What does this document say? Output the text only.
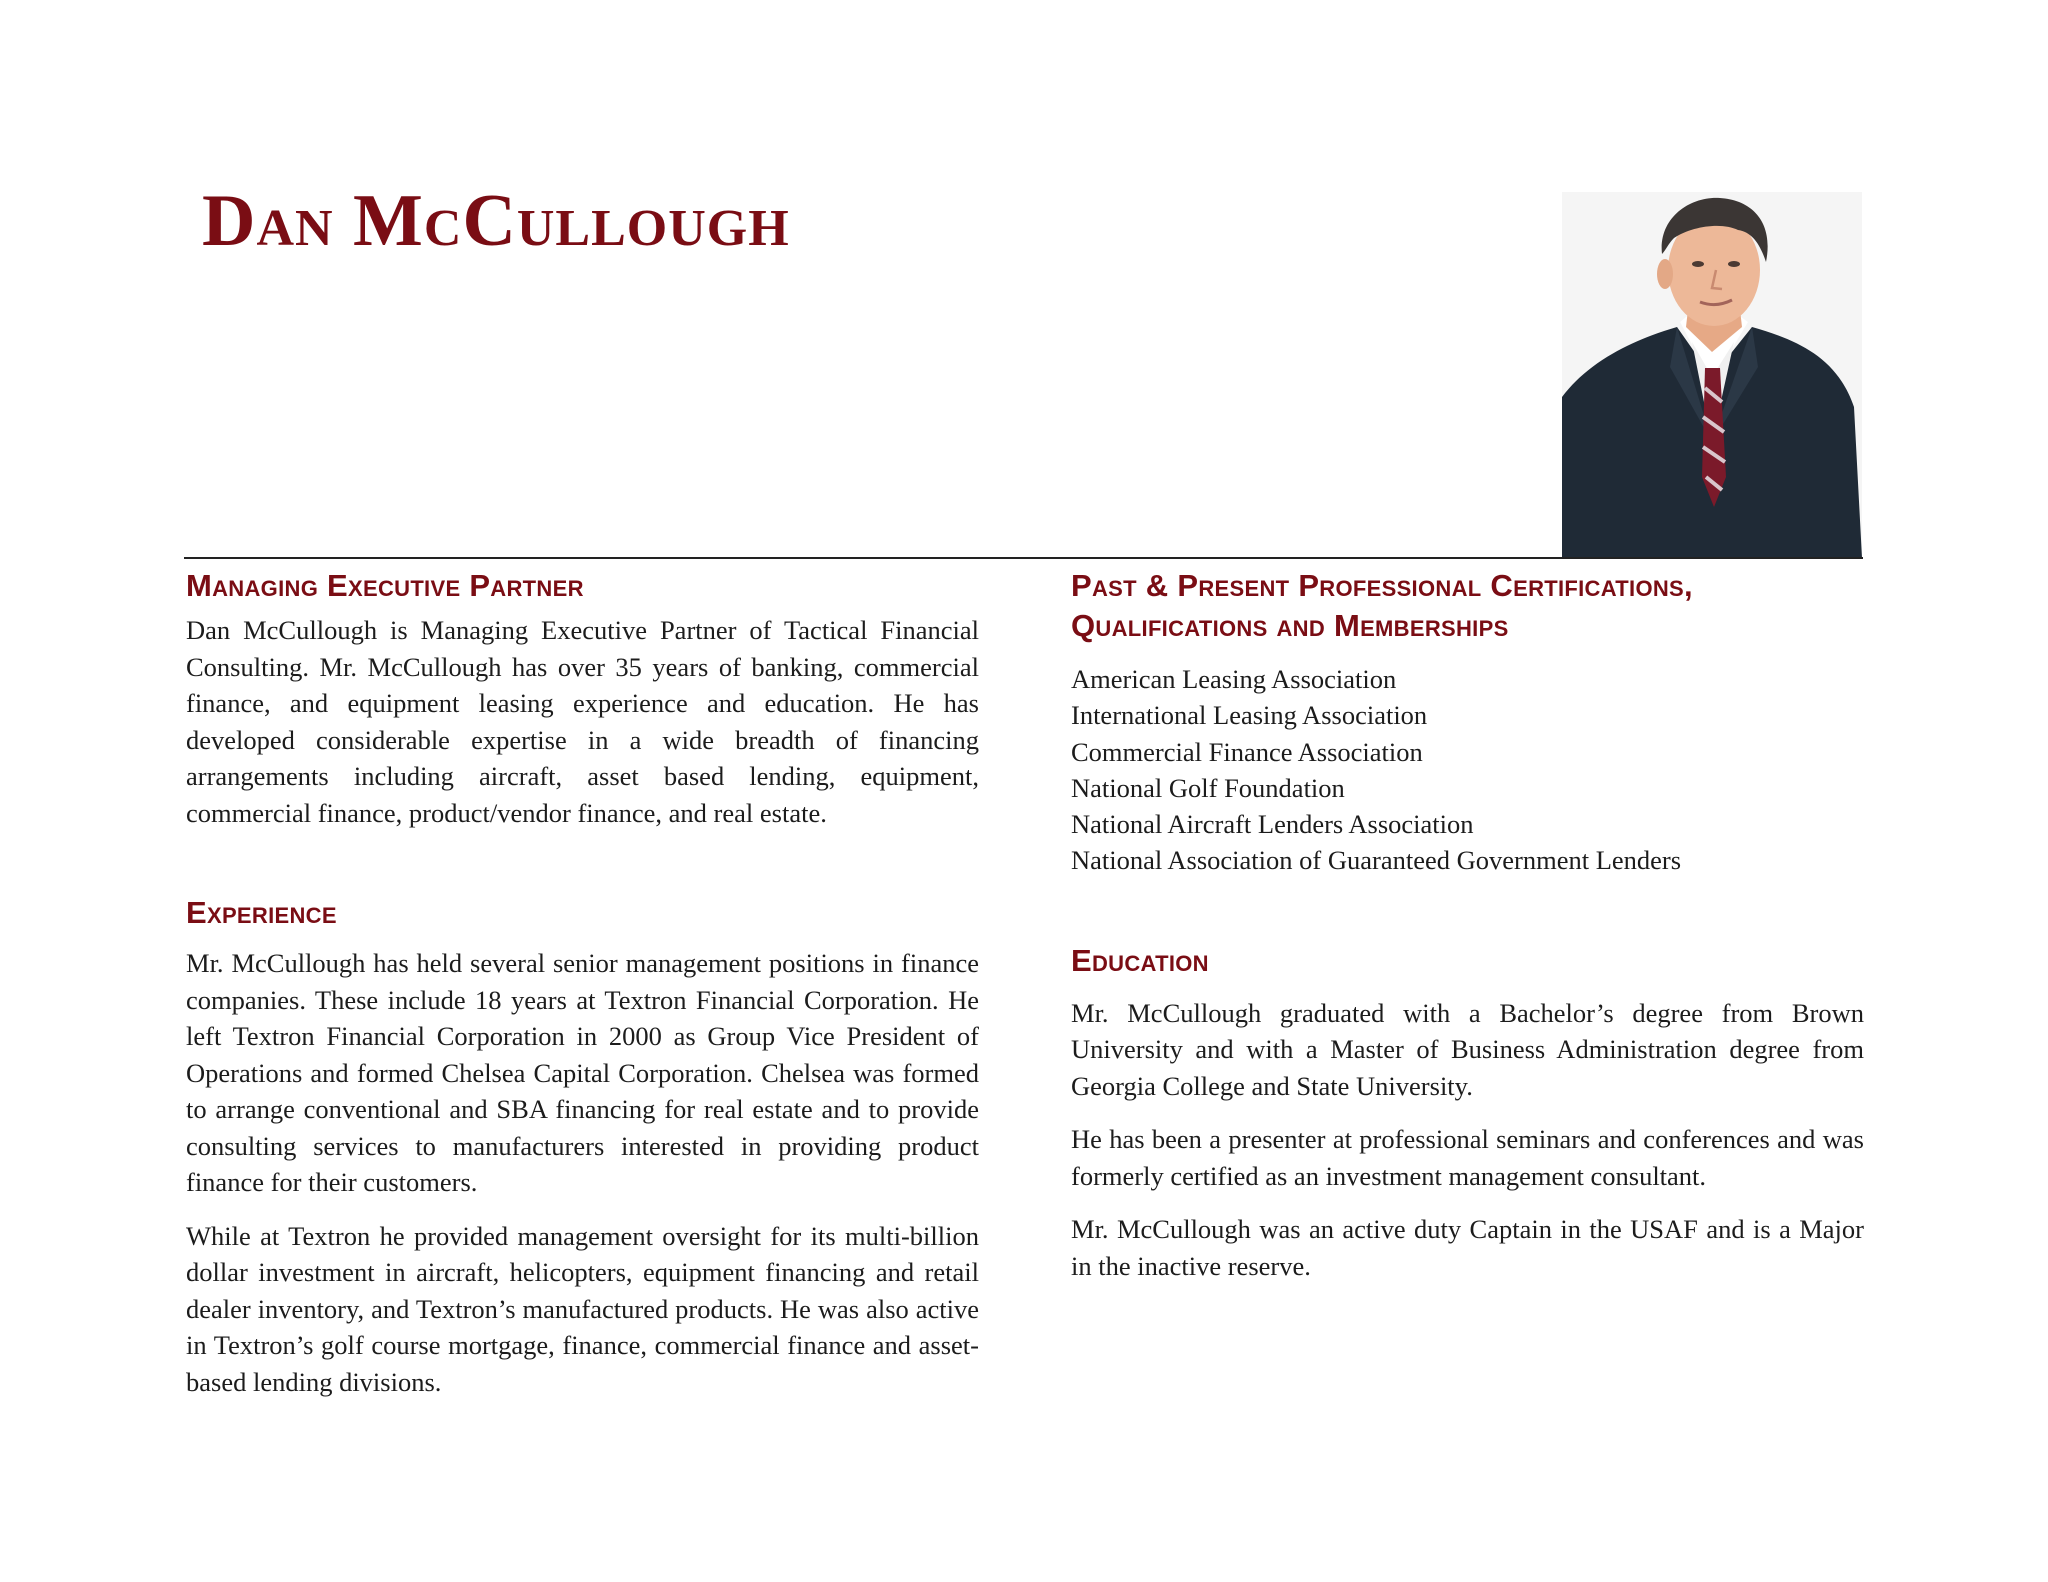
Dan McCullough
Managing Executive Partner

Dan McCullough is Managing Executive Partner of Tactical Financial Consulting. Mr. McCullough has over 35 years of banking, commercial finance, and equipment leasing experience and education. He has developed considerable expertise in a wide breadth of financing arrangements including aircraft, asset based lending, equipment, commercial finance, product/vendor finance, and real estate.

Experience

Mr. McCullough has held several senior management positions in finance companies. These include 18 years at Textron Financial Corporation. He left Textron Financial Corporation in 2000 as Group Vice President of Operations and formed Chelsea Capital Corporation. Chelsea was formed to arrange conventional and SBA financing for real estate and to provide consulting services to manufacturers interested in providing product finance for their customers.

While at Textron he provided management oversight for its multi-billion dollar investment in aircraft, helicopters, equipment financing and retail dealer inventory, and Textron’s manufactured products. He was also active in Textron’s golf course mortgage, finance, commercial finance and asset-based lending divisions.

Past & Present Professional Certifications,
Qualifications and Memberships
American Leasing Association
International Leasing Association
Commercial Finance Association
National Golf Foundation
National Aircraft Lenders Association
National Association of Guaranteed Government Lenders
Education

Mr. McCullough graduated with a Bachelor’s degree from Brown University and with a Master of Business Administration degree from Georgia College and State University.

He has been a presenter at professional seminars and conferences and was formerly certified as an investment management consultant.

Mr. McCullough was an active duty Captain in the USAF and is a Major in the inactive reserve.
